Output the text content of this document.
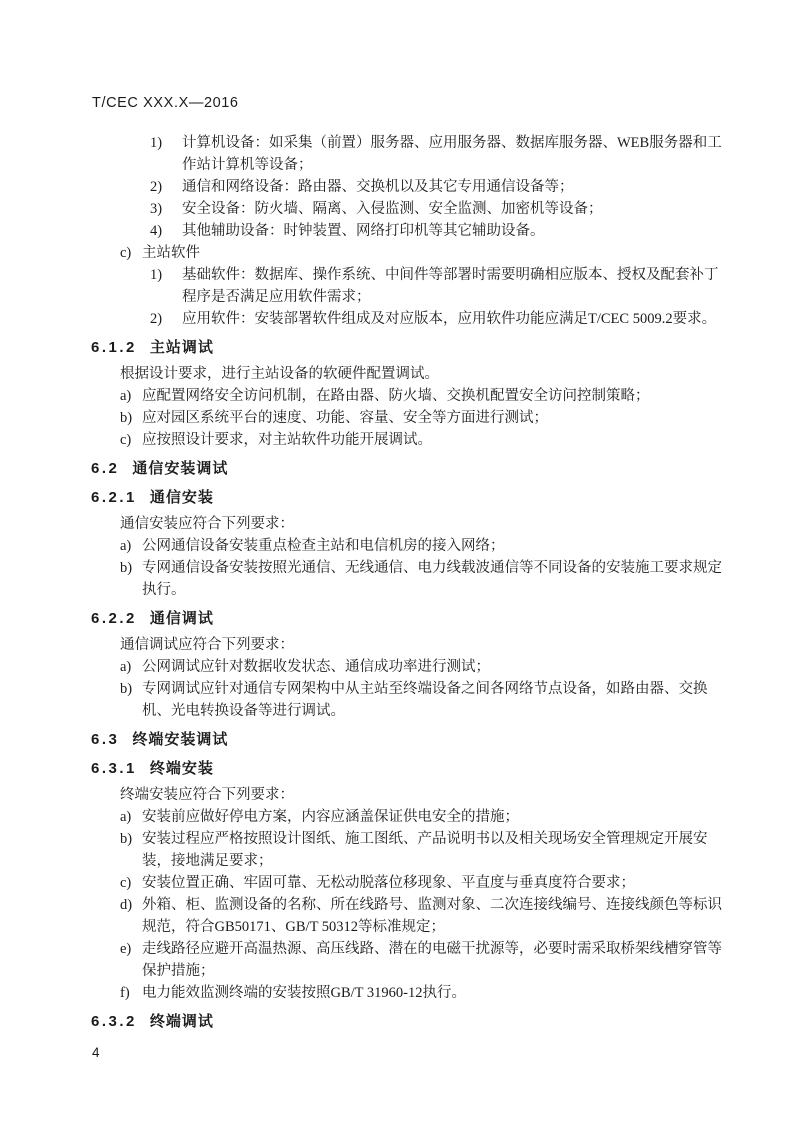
T/CEC XXX.X—2016
1)	计算机设备：如采集（前置）服务器、应用服务器、数据库服务器、WEB服务器和工作站计算机等设备；
2)	通信和网络设备：路由器、交换机以及其它专用通信设备等；
3)	安全设备：防火墙、隔离、入侵监测、安全监测、加密机等设备；
4)	其他辅助设备：时钟装置、网络打印机等其它辅助设备。
c) 主站软件
1)	基础软件：数据库、操作系统、中间件等部署时需要明确相应版本、授权及配套补丁程序是否满足应用软件需求；
2)	应用软件：安装部署软件组成及对应版本，应用软件功能应满足T/CEC 5009.2要求。
6.1.2 主站调试

根据设计要求，进行主站设备的软硬件配置调试。

a) 应配置网络安全访问机制，在路由器、防火墙、交换机配置安全访问控制策略；
b) 应对园区系统平台的速度、功能、容量、安全等方面进行测试；
c) 应按照设计要求，对主站软件功能开展调试。
6.2 通信安装调试
6.2.1 通信安装

通信安装应符合下列要求：

a) 公网通信设备安装重点检查主站和电信机房的接入网络；
b) 专网通信设备安装按照光通信、无线通信、电力线载波通信等不同设备的安装施工要求规定执行。
6.2.2 通信调试

通信调试应符合下列要求：

a) 公网调试应针对数据收发状态、通信成功率进行测试；
b) 专网调试应针对通信专网架构中从主站至终端设备之间各网络节点设备，如路由器、交换机、光电转换设备等进行调试。
6.3 终端安装调试
6.3.1 终端安装

终端安装应符合下列要求：

a) 安装前应做好停电方案，内容应涵盖保证供电安全的措施；
b) 安装过程应严格按照设计图纸、施工图纸、产品说明书以及相关现场安全管理规定开展安装，接地满足要求；
c) 安装位置正确、牢固可靠、无松动脱落位移现象、平直度与垂真度符合要求；
d) 外箱、柜、监测设备的名称、所在线路号、监测对象、二次连接线编号、连接线颜色等标识规范，符合GB50171、GB/T 50312等标准规定；
e) 走线路径应避开高温热源、高压线路、潜在的电磁干扰源等，必要时需采取桥架线槽穿管等保护措施；
f) 电力能效监测终端的安装按照GB/T 31960-12执行。
6.3.2 终端调试
4
